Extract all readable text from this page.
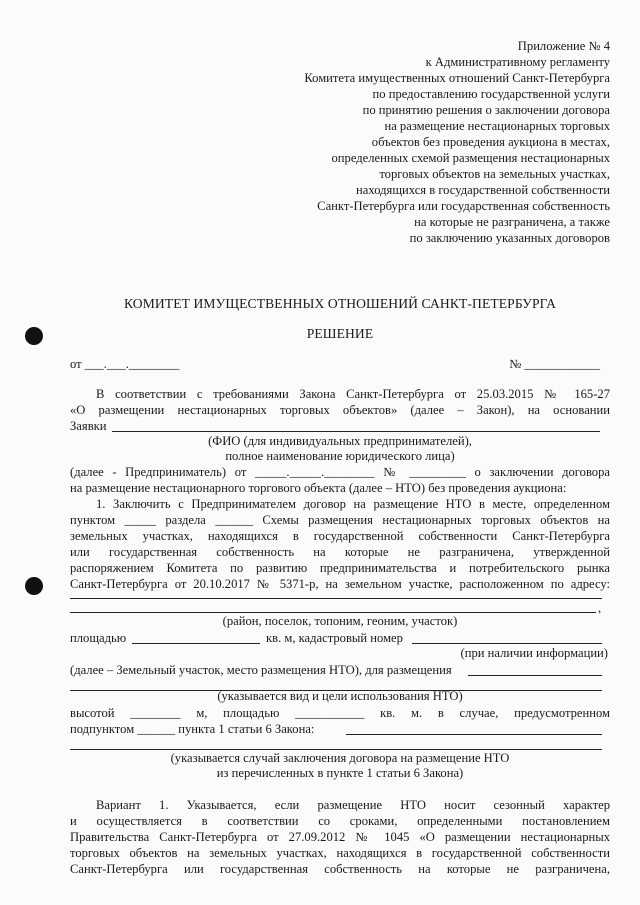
Приложение № 4
к Административному регламенту
Комитета имущественных отношений Санкт-Петербурга
по предоставлению государственной услуги
по принятию решения о заключении договора
на размещение нестационарных торговых
объектов без проведения аукциона в местах,
определенных схемой размещения нестационарных
торговых объектов на земельных участках,
находящихся в государственной собственности
Санкт-Петербурга или государственная собственность
на которые не разграничена, а также
по заключению указанных договоров
КОМИТЕТ ИМУЩЕСТВЕННЫХ ОТНОШЕНИЙ САНКТ-ПЕТЕРБУРГА
РЕШЕНИЕ
от ___.___.________	№ ____________
В соответствии с требованиями Закона Санкт-Петербурга от 25.03.2015 № 165-27
«О размещении нестационарных торговых объектов» (далее – Закон), на основании
Заявки
(ФИО (для индивидуальных предпринимателей),
полное наименование юридического лица)
(далее - Предприниматель) от _____._____.________ № _________ о заключении договора
на размещение нестационарного торгового объекта (далее – НТО) без проведения аукциона:
1. Заключить с Предпринимателем договор на размещение НТО в месте, определенном
пунктом _____ раздела ______ Схемы размещения нестационарных торговых объектов на
земельных участках, находящихся в государственной собственности Санкт-Петербурга
или государственная собственность на которые не разграничена, утвержденной
распоряжением Комитета по развитию предпринимательства и потребительского рынка
Санкт-Петербурга от 20.10.2017 № 5371-р, на земельном участке, расположенном по адресу:
,
(район, поселок, топоним, геоним, участок)
площадью	кв. м, кадастровый номер
(при наличии информации)
(далее – Земельный участок, место размещения НТО), для размещения
(указывается вид и цели использования НТО)
высотой ________ м, площадью ___________ кв. м. в случае, предусмотренном
подпунктом ______ пункта 1 статьи 6 Закона:
(указывается случай заключения договора на размещение НТО
из перечисленных в пункте 1 статьи 6 Закона)
Вариант 1. Указывается, если размещение НТО носит сезонный характер
и осуществляется в соответствии со сроками, определенными постановлением
Правительства Санкт-Петербурга от 27.09.2012 № 1045 «О размещении нестационарных
торговых объектов на земельных участках, находящихся в государственной собственности
Санкт-Петербурга или государственная собственность на которые не разграничена,
